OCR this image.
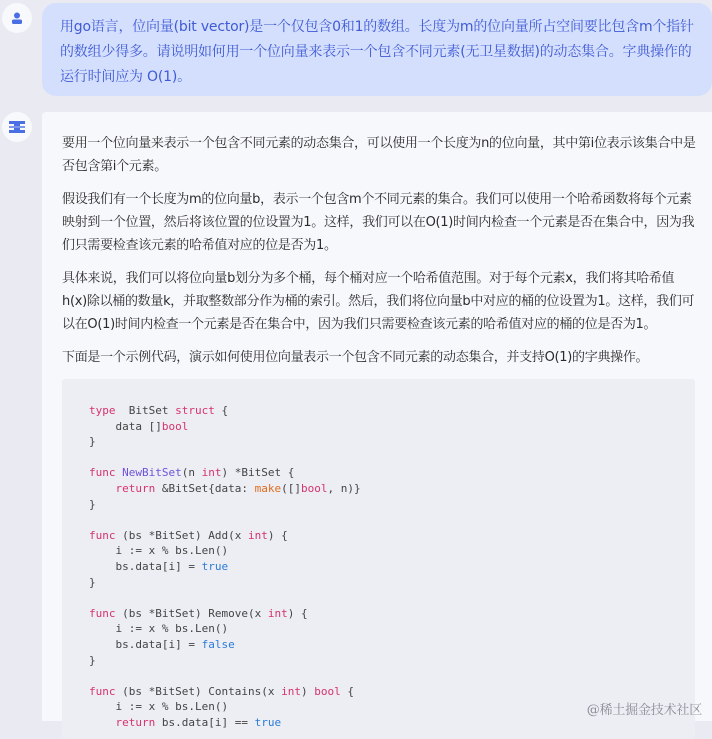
用go语言，位向量(bit vector)是一个仅包含0和1的数组。长度为m的位向量所占空间要比包含m个指针的数组少得多。请说明如何用一个位向量来表示一个包含不同元素(无卫星数据)的动态集合。字典操作的运行时间应为 O(1)。

要用一个位向量来表示一个包含不同元素的动态集合，可以使用一个长度为n的位向量，其中第i位表示该集合中是否包含第i个元素。

假设我们有一个长度为m的位向量b，表示一个包含m个不同元素的集合。我们可以使用一个哈希函数将每个元素映射到一个位置，然后将该位置的位设置为1。这样，我们可以在O(1)时间内检查一个元素是否在集合中，因为我们只需要检查该元素的哈希值对应的位是否为1。

具体来说，我们可以将位向量b划分为多个桶，每个桶对应一个哈希值范围。对于每个元素x，我们将其哈希值h(x)除以桶的数量k，并取整数部分作为桶的索引。然后，我们将位向量b中对应的桶的位设置为1。这样，我们可以在O(1)时间内检查一个元素是否在集合中，因为我们只需要检查该元素的哈希值对应的桶的位是否为1。

下面是一个示例代码，演示如何使用位向量表示一个包含不同元素的动态集合，并支持O(1)的字典操作。

type  BitSet struct {
data []bool
}
func NewBitSet(n int) *BitSet {
return &BitSet{data: make([]bool, n)}
}
func (bs *BitSet) Add(x int) {
i := x % bs.Len()
bs.data[i] = true
}
func (bs *BitSet) Remove(x int) {
i := x % bs.Len()
bs.data[i] = false
}
func (bs *BitSet) Contains(x int) bool {
i := x % bs.Len()
return bs.data[i] == true
@稀土掘金技术社区
